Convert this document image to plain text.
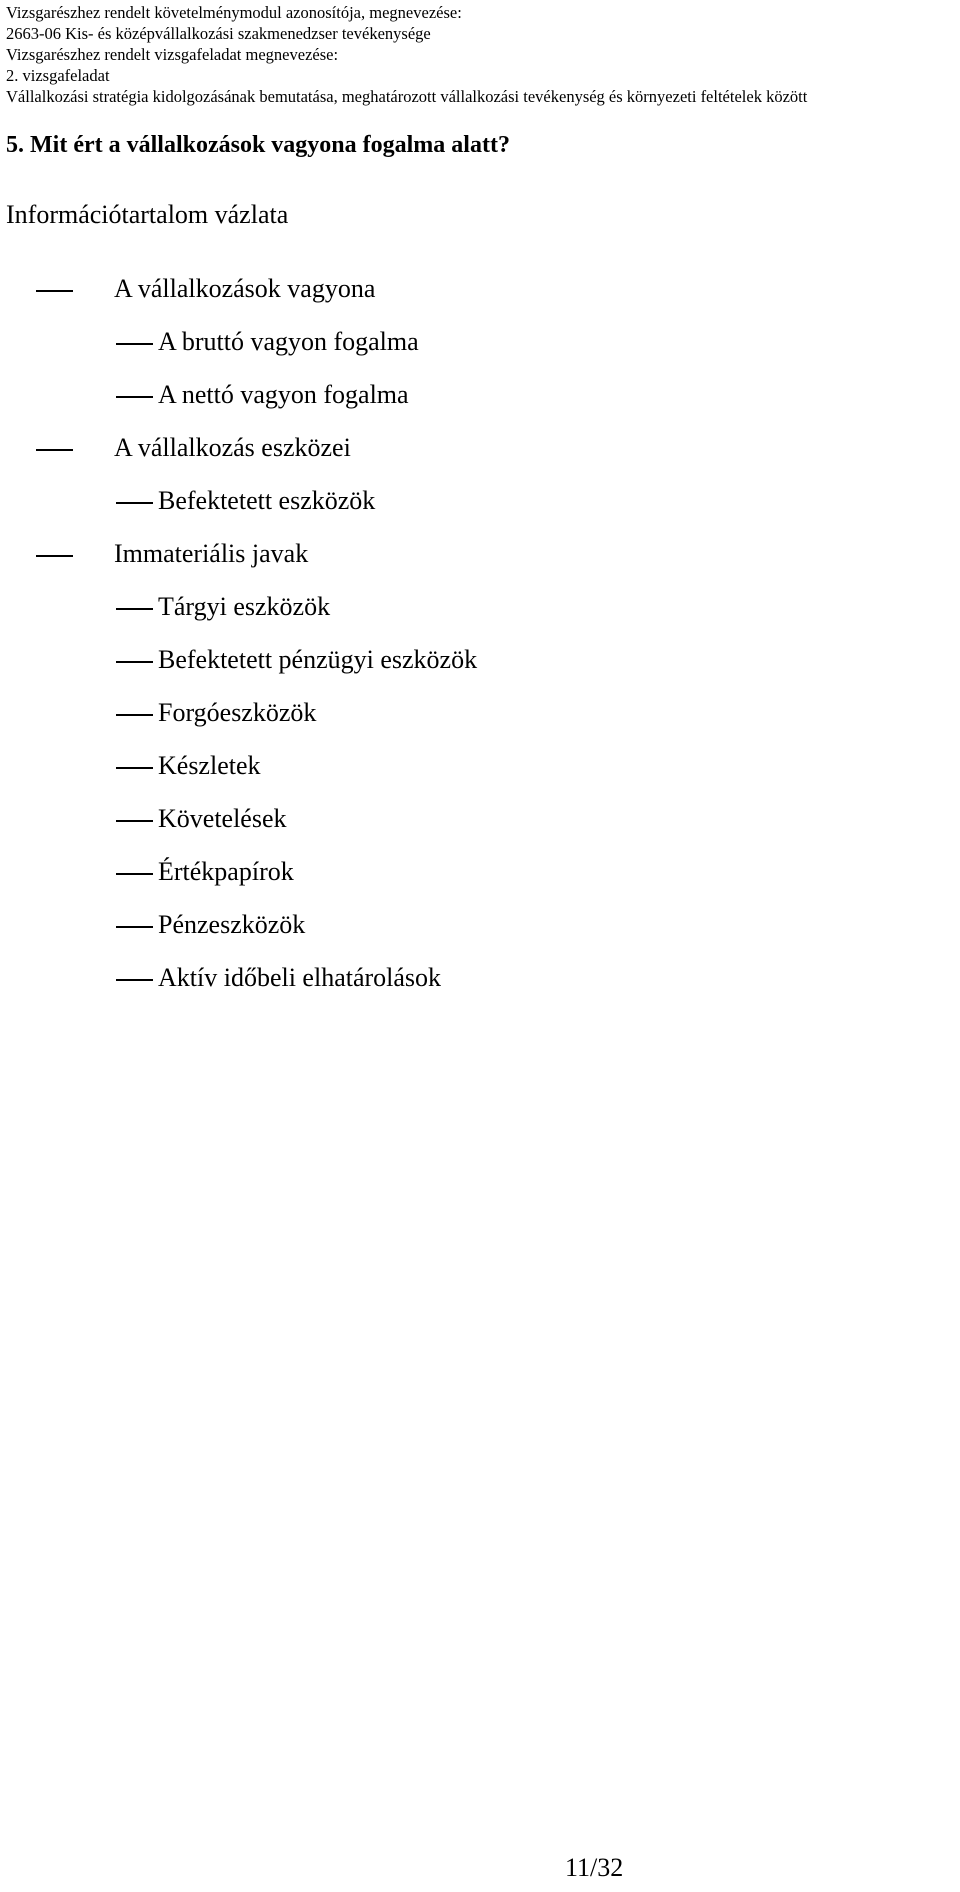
Vizsgarészhez rendelt követelménymodul azonosítója, megnevezése:
2663-06 Kis- és középvállalkozási szakmenedzser tevékenysége
Vizsgarészhez rendelt vizsgafeladat megnevezése:
2. vizsgafeladat
Vállalkozási stratégia kidolgozásának bemutatása, meghatározott vállalkozási tevékenység és környezeti feltételek között
5. Mit ért a vállalkozások vagyona fogalma alatt?
Információtartalom vázlata
A vállalkozások vagyona
A bruttó vagyon fogalma
A nettó vagyon fogalma
A vállalkozás eszközei
Befektetett eszközök
Immateriális javak
Tárgyi eszközök
Befektetett pénzügyi eszközök
Forgóeszközök
Készletek
Követelések
Értékpapírok
Pénzeszközök
Aktív időbeli elhatárolások
11/32
